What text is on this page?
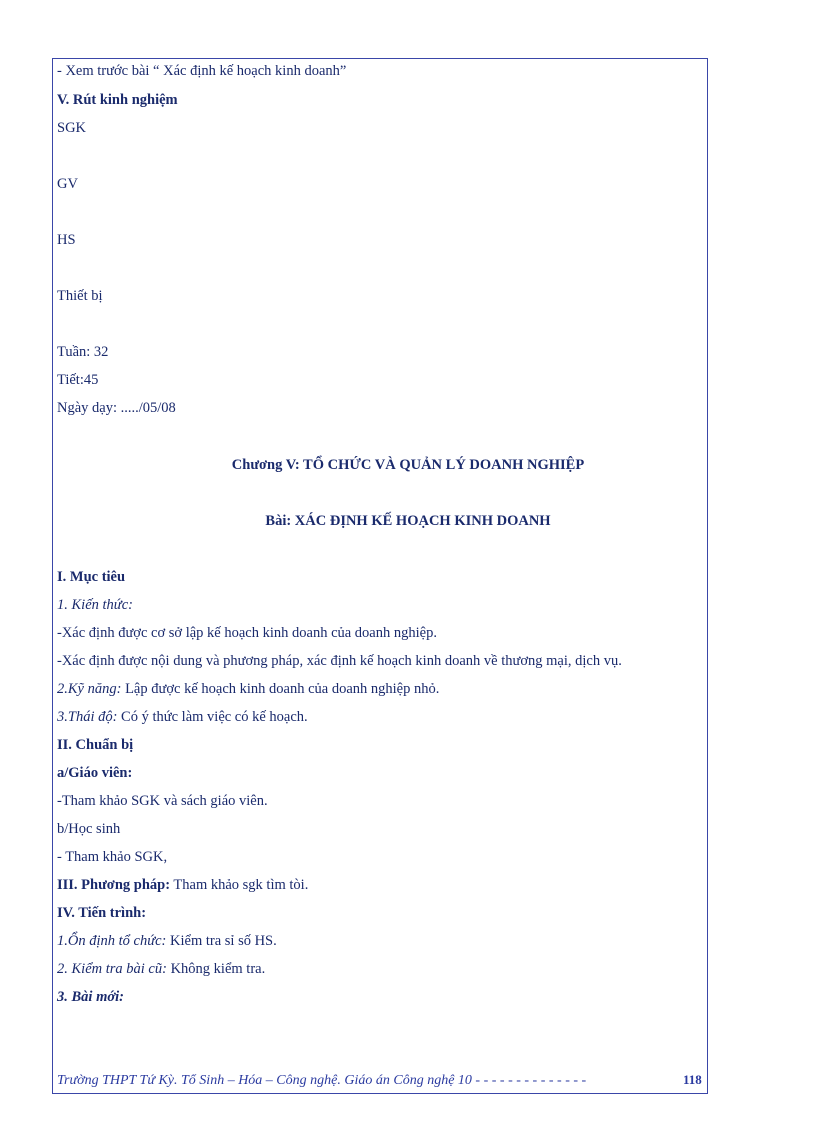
- Xem trước bài “ Xác định kế hoạch kinh doanh”
V. Rút kinh nghiệm
SGK
GV
HS
Thiết bị
Tuần: 32
Tiết:45
Ngày dạy: ...../05/08
Chương V: TỔ CHỨC VÀ QUẢN LÝ DOANH NGHIỆP
Bài: XÁC ĐỊNH KẾ HOẠCH KINH DOANH
I. Mục tiêu
1. Kiến thức:
-Xác định được cơ sở lập kế hoạch kinh doanh của doanh nghiệp.
-Xác định được nội dung và phương pháp, xác định kế hoạch kinh doanh về thương mại, dịch vụ.
2.Kỹ năng: Lập được kế hoạch kinh doanh của doanh nghiệp nhỏ.
3.Thái độ: Có ý thức làm việc có kế hoạch.
II. Chuẩn bị
a/Giáo viên:
-Tham khảo SGK và sách giáo viên.
b/Học sinh
- Tham khảo SGK,
III. Phương pháp: Tham khảo sgk tìm tòi.
IV. Tiến trình:
1.Ổn định tổ chức: Kiểm tra sỉ số HS.
2. Kiểm tra bài cũ: Không kiểm tra.
3. Bài mới:
Trường THPT Tứ Kỳ. Tổ Sinh – Hóa – Công nghệ. Giáo án Công nghệ 10 - - - - - - - - - - - - - -	118
